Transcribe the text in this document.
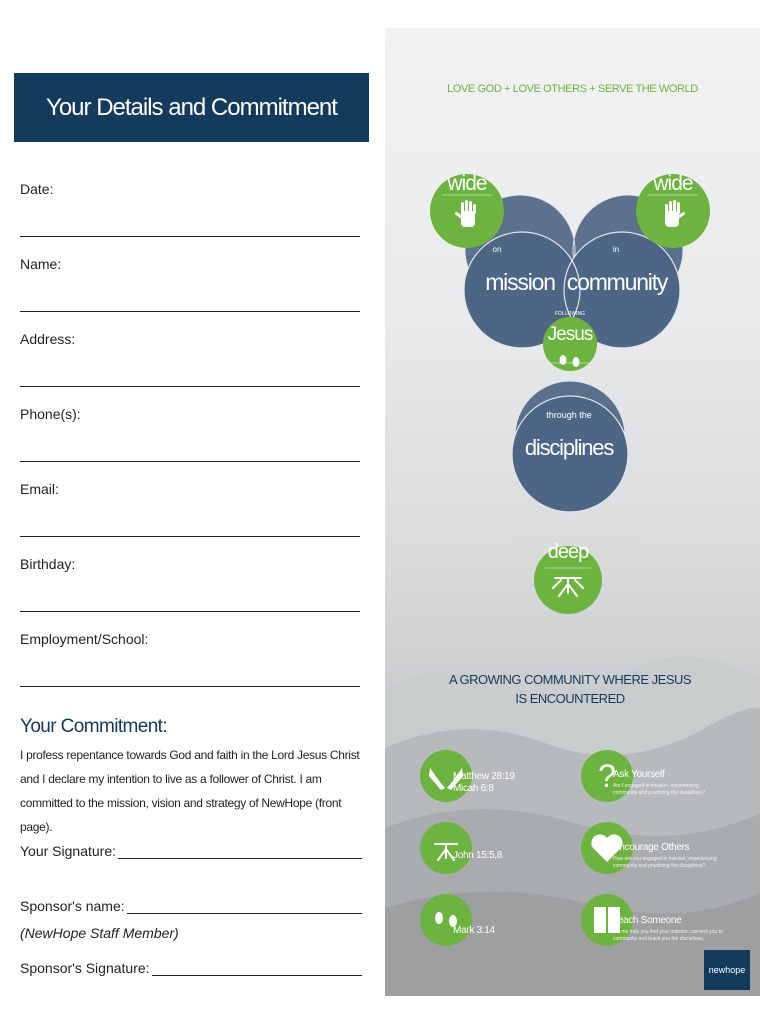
Your Details and Commitment
Date:
Name:
Address:
Phone(s):
Email:
Birthday:
Employment/School:
Your Commitment:
I profess repentance towards God and faith in the Lord Jesus Christ and I declare my intention to live as a follower of Christ. I am committed to the mission, vision and strategy of NewHope (front page).
Your Signature:
Sponsor's name:
(NewHope Staff Member)
Sponsor's Signature:
LOVE GOD + LOVE OTHERS + SERVE THE WORLD
wide	wide
FOLLOWING
Jesus
deep
on
mission
in
community
through the
disciplines
A GROWING COMMUNITY WHERE JESUS
IS ENCOUNTERED
?
Matthew 28:19
Micah 6:8
John 15:5,8
Mark 3:14
Ask Yourself
Am I engaged in mission, experiencing community and practicing the disciplines?
Encourage Others
How are you engaged in mission, experiencing community and practicing the disciplines?
Teach Someone
Let me help you find your mission, connect you to community and teach you the disciplines.
newhope
